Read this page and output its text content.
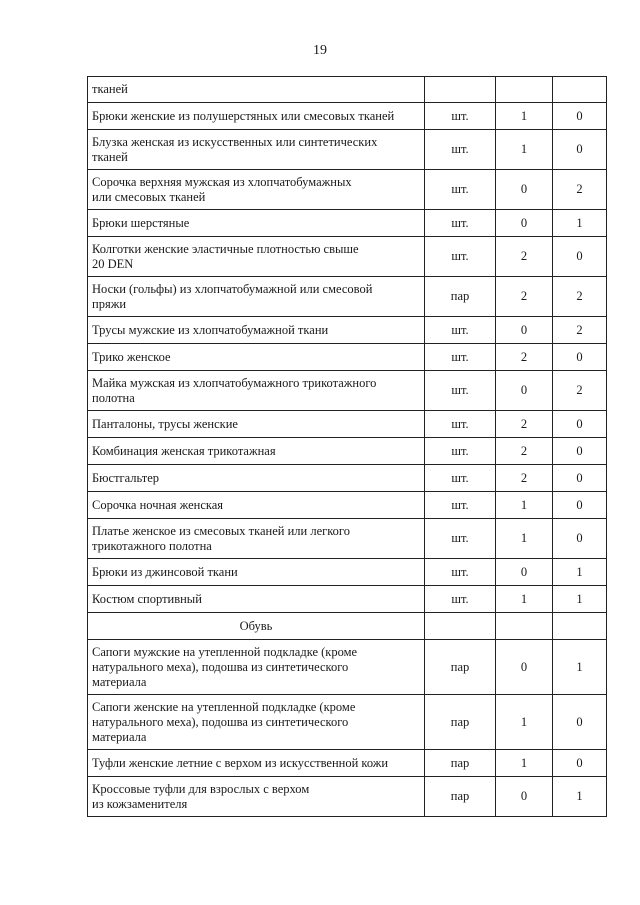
19
тканей			
Брюки женские из полушерстяных или смесовых тканей	шт.	1	0
Блузка женская из искусственных или синтетических
тканей	шт.	1	0
Сорочка верхняя мужская из хлопчатобумажных
или смесовых тканей	шт.	0	2
Брюки шерстяные	шт.	0	1
Колготки женские эластичные плотностью свыше
20 DEN	шт.	2	0
Носки (гольфы) из хлопчатобумажной или смесовой
пряжи	пар	2	2
Трусы мужские из хлопчатобумажной ткани	шт.	0	2
Трико женское	шт.	2	0
Майка мужская из хлопчатобумажного трикотажного
полотна	шт.	0	2
Панталоны, трусы женские	шт.	2	0
Комбинация женская трикотажная	шт.	2	0
Бюстгальтер	шт.	2	0
Сорочка ночная женская	шт.	1	0
Платье женское из смесовых тканей или легкого
трикотажного полотна	шт.	1	0
Брюки из джинсовой ткани	шт.	0	1
Костюм спортивный	шт.	1	1
Обувь			
Сапоги мужские на утепленной подкладке (кроме
натурального меха), подошва из синтетического
материала	пар	0	1
Сапоги женские на утепленной подкладке (кроме
натурального меха), подошва из синтетического
материала	пар	1	0
Туфли женские летние с верхом из искусственной кожи	пар	1	0
Кроссовые туфли для взрослых с верхом
из кожзаменителя	пар	0	1
